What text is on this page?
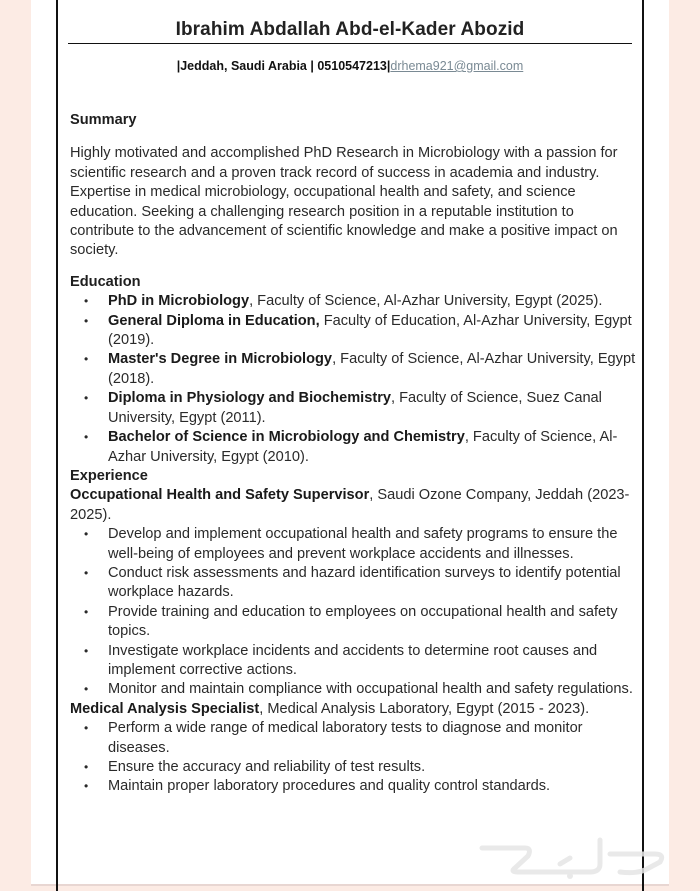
Ibrahim Abdallah Abd-el-Kader Abozid
|Jeddah, Saudi Arabia | 0510547213|drhema921@gmail.com
Summary

Highly motivated and accomplished PhD Research in Microbiology with a passion for scientific research and a proven track record of success in academia and industry. Expertise in medical microbiology, occupational health and safety, and science education. Seeking a challenging research position in a reputable institution to contribute to the advancement of scientific knowledge and make a positive impact on society.

Education
• PhD in Microbiology, Faculty of Science, Al-Azhar University, Egypt (2025).
• General Diploma in Education, Faculty of Education, Al-Azhar University, Egypt (2019).
• Master's Degree in Microbiology, Faculty of Science, Al-Azhar University, Egypt (2018).
• Diploma in Physiology and Biochemistry, Faculty of Science, Suez Canal University, Egypt (2011).
• Bachelor of Science in Microbiology and Chemistry, Faculty of Science, Al-Azhar University, Egypt (2010).
Experience
Occupational Health and Safety Supervisor, Saudi Ozone Company, Jeddah (2023- 2025).
• Develop and implement occupational health and safety programs to ensure the well-being of employees and prevent workplace accidents and illnesses.
• Conduct risk assessments and hazard identification surveys to identify potential workplace hazards.
• Provide training and education to employees on occupational health and safety topics.
• Investigate workplace incidents and accidents to determine root causes and implement corrective actions.
• Monitor and maintain compliance with occupational health and safety regulations.
Medical Analysis Specialist, Medical Analysis Laboratory, Egypt (2015 - 2023).
• Perform a wide range of medical laboratory tests to diagnose and monitor diseases.
• Ensure the accuracy and reliability of test results.
• Maintain proper laboratory procedures and quality control standards.
